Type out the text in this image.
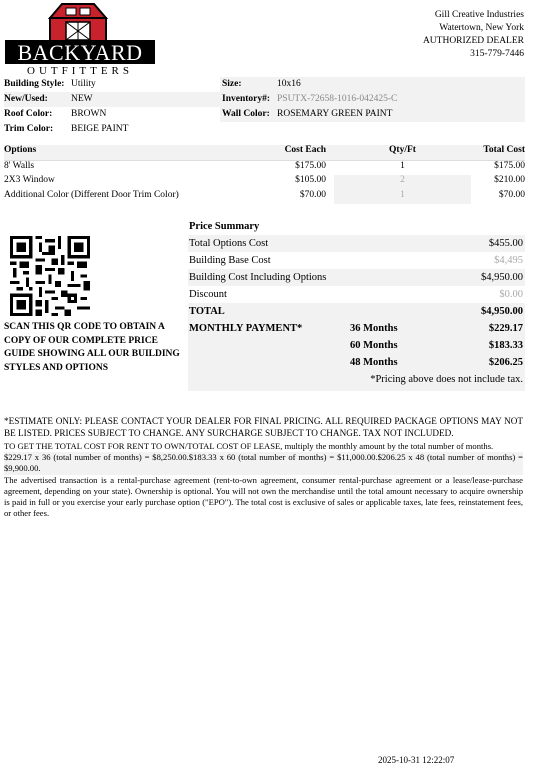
BACKYARD
OUTFITTERS
Gill Creative Industries
Watertown, New York
AUTHORIZED DEALER
315-779-7446
Building Style: Utility	Size:	10x16
New/Used: NEW	Inventory#: PSUTX-72658-1016-042425-C
Roof Color: BROWN	Wall Color: ROSEMARY GREEN PAINT
Trim Color: BEIGE PAINT
Options	Cost Each	Qty/Ft	Total Cost
8' Walls	$175.00	1	$175.00
2X3 Window	$105.00	2	$210.00
Additional Color (Different Door Trim Color)	$70.00	1	$70.00
SCAN THIS QR CODE TO OBTAIN A COPY OF OUR COMPLETE PRICE GUIDE SHOWING ALL OUR BUILDING STYLES AND OPTIONS
Price Summary
Total Options Cost	$455.00
Building Base Cost	$4,495
Building Cost Including Options	$4,950.00
Discount	$0.00
TOTAL	$4,950.00
MONTHLY PAYMENT*	36 Months	$229.17
60 Months	$183.33
48 Months	$206.25
*Pricing above does not include tax.

*ESTIMATE ONLY: PLEASE CONTACT YOUR DEALER FOR FINAL PRICING. ALL REQUIRED PACKAGE OPTIONS MAY NOT BE LISTED. PRICES SUBJECT TO CHANGE. ANY SURCHARGE SUBJECT TO CHANGE. TAX NOT INCLUDED.

TO GET THE TOTAL COST FOR RENT TO OWN/TOTAL COST OF LEASE, multiply the monthly amount by the total number of months.

$229.17 x 36 (total number of months) = $8,250.00.$183.33 x 60 (total number of months) = $11,000.00.$206.25 x 48 (total number of months) = $9,900.00.

The advertised transaction is a rental-purchase agreement (rent-to-own agreement, consumer rental-purchase agreement or a lease/lease-purchase agreement, depending on your state). Ownership is optional. You will not own the merchandise until the total amount necessary to acquire ownership is paid in full or you exercise your early purchase option ("EPO"). The total cost is exclusive of sales or applicable taxes, late fees, reinstatement fees, or other fees.

2025-10-31 12:22:07
